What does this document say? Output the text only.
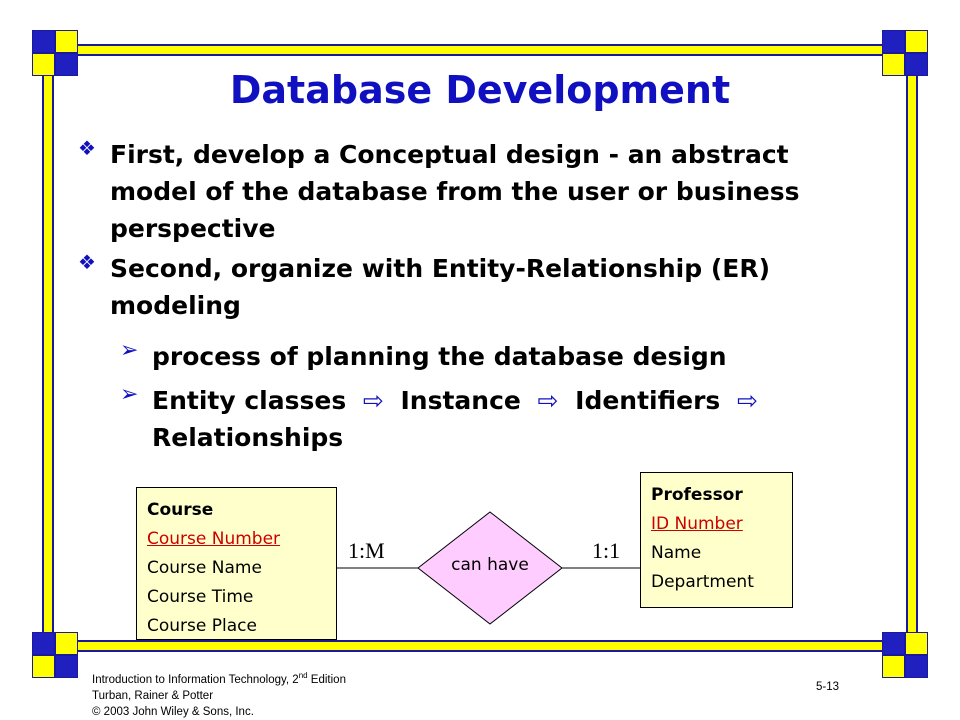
Database Development
❖ First, develop a Conceptual design - an abstract model of the database from the user or business perspective
❖ Second, organize with Entity-Relationship (ER) modeling
➢ process of planning the database design
➢ Entity classes  ⇨  Instance  ⇨  Identifiers  ⇨
Relationships
can have
1:M	1:1
Course
Course Number
Course Name
Course Time
Course Place
Professor
ID Number
Name
Department
Introduction to Information Technology, 2nd Edition
Turban, Rainer & Potter
© 2003 John Wiley & Sons, Inc.
5-13
